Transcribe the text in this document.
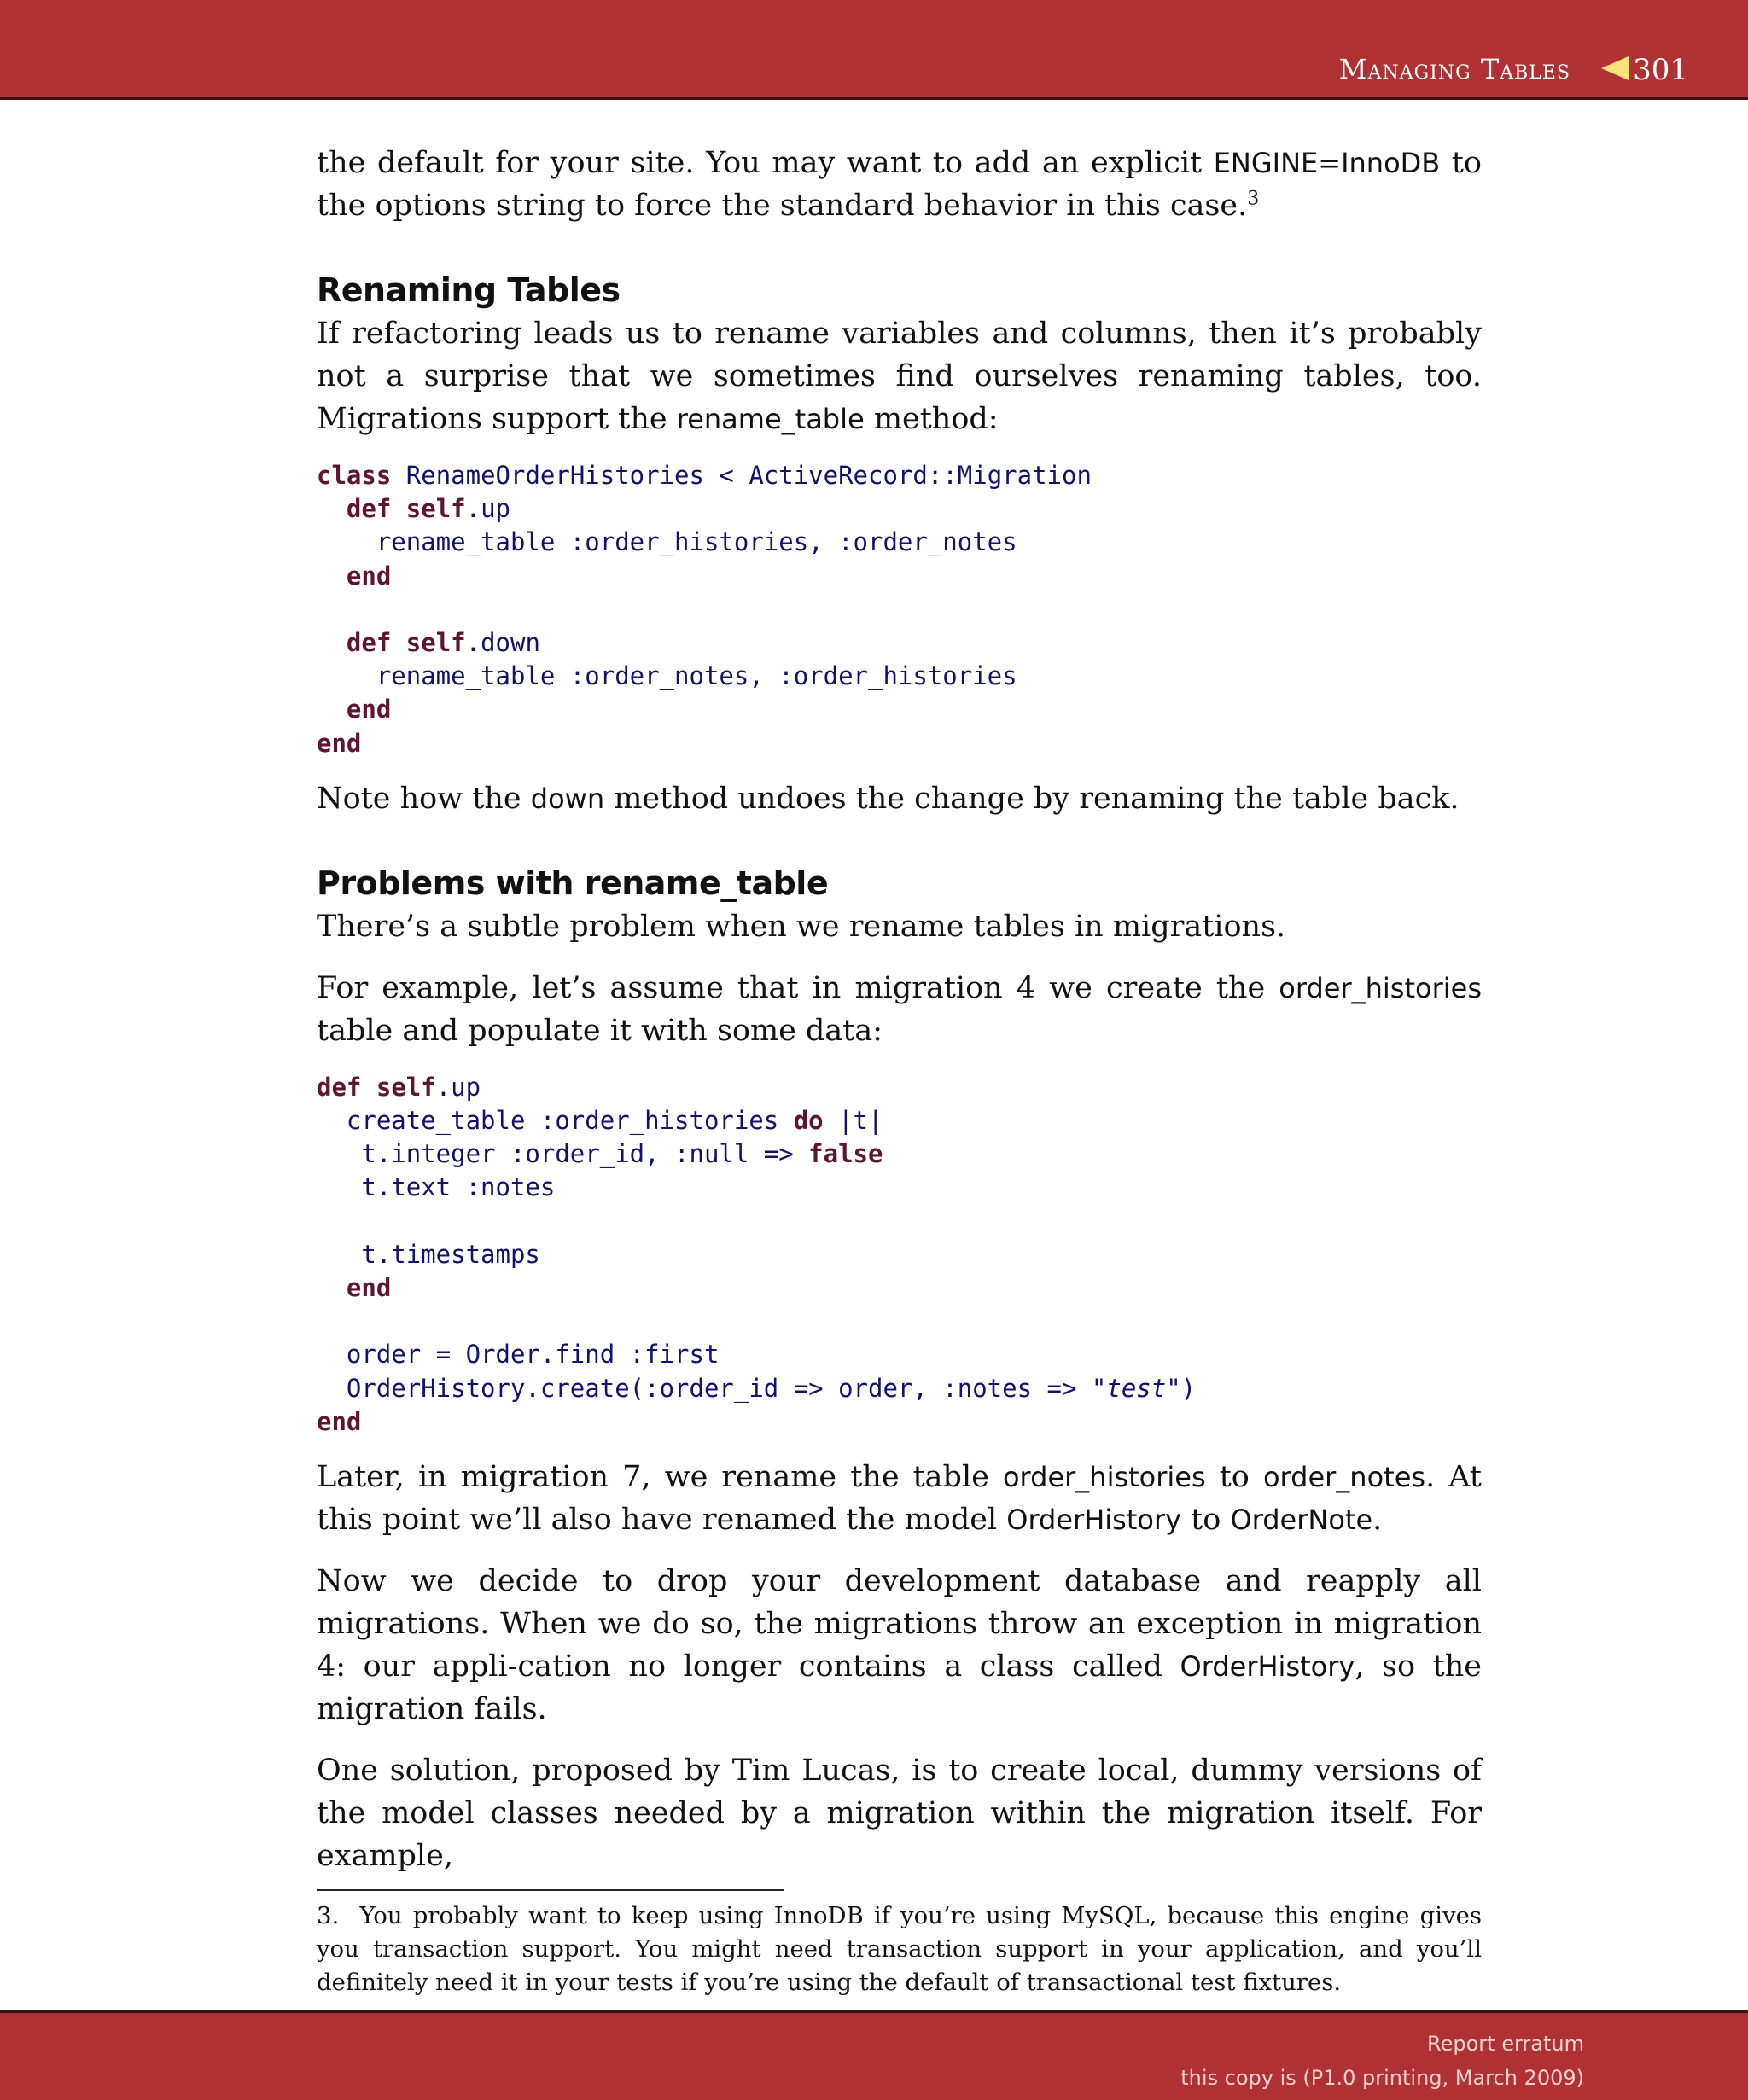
Managing Tables 301

the default for your site. You may want to add an explicit ENGINE=InnoDB to the options string to force the standard behavior in this case.$^3$

Renaming Tables

If refactoring leads us to rename variables and columns, then it’s probably not a surprise that we sometimes find ourselves renaming tables, too. Migrations support the rename_table method:

class RenameOrderHistories < ActiveRecord::Migration
def self.up
rename_table :order_histories, :order_notes
end

def self.down
rename_table :order_notes, :order_histories
end
end

Note how the down method undoes the change by renaming the table back.

Problems with rename_table

There’s a subtle problem when we rename tables in migrations.

For example, let’s assume that in migration 4 we create the order_histories table and populate it with some data:

def self.up
create_table :order_histories do |t|
t.integer :order_id, :null => false
t.text :notes

t.timestamps
end

order = Order.find :first
OrderHistory.create(:order_id => order, :notes => "test")
end

Later, in migration 7, we rename the table order_histories to order_notes. At this point we’ll also have renamed the model OrderHistory to OrderNote.

Now we decide to drop your development database and reapply all migrations. When we do so, the migrations throw an exception in migration 4: our appli-cation no longer contains a class called OrderHistory, so the migration fails.

One solution, proposed by Tim Lucas, is to create local, dummy versions of the model classes needed by a migration within the migration itself. For example,

3. You probably want to keep using InnoDB if you’re using MySQL, because this engine gives you transaction support. You might need transaction support in your application, and you’ll definitely need it in your tests if you’re using the default of transactional test fixtures.

Report erratum
this copy is (P1.0 printing, March 2009)
